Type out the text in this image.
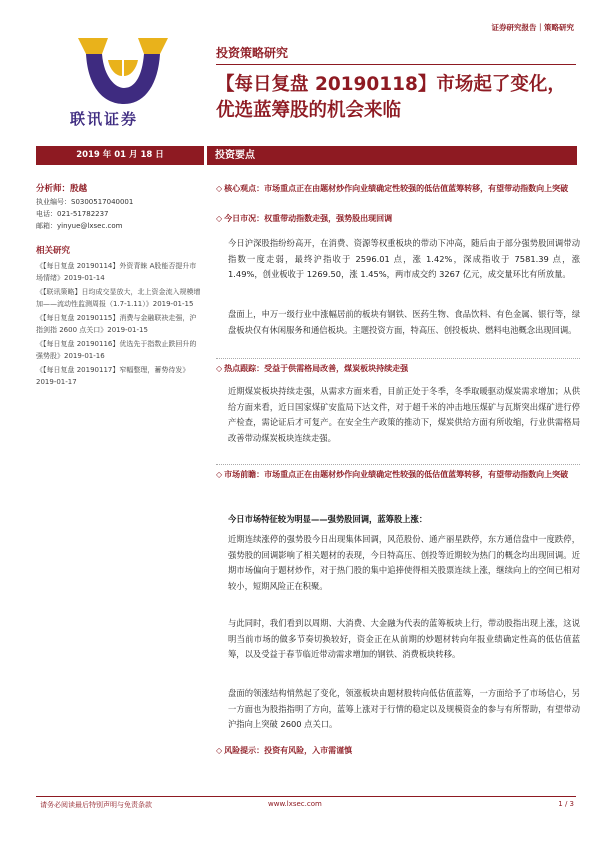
证券研究报告｜策略研究
联讯证券
投资策略研究
【每日复盘 20190118】市场起了变化，优选蓝筹股的机会来临
2019 年 01 月 18 日	投资要点
分析师：殷越
执业编号：S0300517040001
电话：021-51782237
邮箱：yinyue@lxsec.com
相关研究
《【每日复盘 20190114】外资青睐 A股能否提升市场情绪》2019-01-14
《【联讯策略】日均成交显放大，北上资金流入规模增加——流动性监测周报（1.7-1.11）》2019-01-15
《【每日复盘 20190115】消费与金融联袂走强，沪指剑指 2600 点关口》2019-01-15
《【每日复盘 20190116】优选先于指数止跌回升的强势股》2019-01-16
《【每日复盘 20190117】窄幅整理，蓄势待发》2019-01-17
◇ 核心观点：市场重点正在由题材炒作向业绩确定性较强的低估值蓝筹转移，有望带动指数向上突破
◇ 今日市况：权重带动指数走强，强势股出现回调
今日沪深股指纷纷高开，在消费、资源等权重板块的带动下冲高，随后由于部分强势股回调带动指数一度走弱，最终沪指收于 2596.01 点，涨 1.42%，深成指收于 7581.39 点，涨 1.49%，创业板收于 1269.50，涨 1.45%，两市成交约 3267 亿元，成交量环比有所放量。
盘面上，申万一级行业中涨幅居前的板块有钢铁、医药生物、食品饮料、有色金属、银行等，绿盘板块仅有休闲服务和通信板块。主题投资方面，特高压、创投板块、燃料电池概念出现回调。
◇ 热点跟踪：受益于供需格局改善，煤炭板块持续走强
近期煤炭板块持续走强，从需求方面来看，目前正处于冬季，冬季取暖驱动煤炭需求增加；从供给方面来看，近日国家煤矿安监局下达文件，对于超千米的冲击地压煤矿与瓦斯突出煤矿进行停产检查，需论证后才可复产。在安全生产政策的推动下，煤炭供给方面有所收缩，行业供需格局改善带动煤炭板块连续走强。
◇ 市场前瞻：市场重点正在由题材炒作向业绩确定性较强的低估值蓝筹转移，有望带动指数向上突破
今日市场特征较为明显——强势股回调，蓝筹股上涨：
近期连续涨停的强势股今日出现集体回调，风范股份、通产丽星跌停，东方通信盘中一度跌停，强势股的回调影响了相关题材的表现，今日特高压、创投等近期较为热门的概念均出现回调。近期市场偏向于题材炒作，对于热门股的集中追捧使得相关股票连续上涨，继续向上的空间已相对较小，短期风险正在积聚。
与此同时，我们看到以周期、大消费、大金融为代表的蓝筹板块上行，带动股指出现上涨，这说明当前市场的做多节奏切换较好，资金正在从前期的炒题材转向年报业绩确定性高的低估值蓝筹，以及受益于春节临近带动需求增加的钢铁、消费板块转移。
盘面的领涨结构悄然起了变化，领涨板块由题材股转向低估值蓝筹，一方面给予了市场信心，另一方面也为股指指明了方向，蓝筹上涨对于行情的稳定以及规模资金的参与有所帮助，有望带动沪指向上突破 2600 点关口。
◇ 风险提示：投资有风险，入市需谨慎
请务必阅读最后特别声明与免责条款	www.lxsec.com	1 / 3
